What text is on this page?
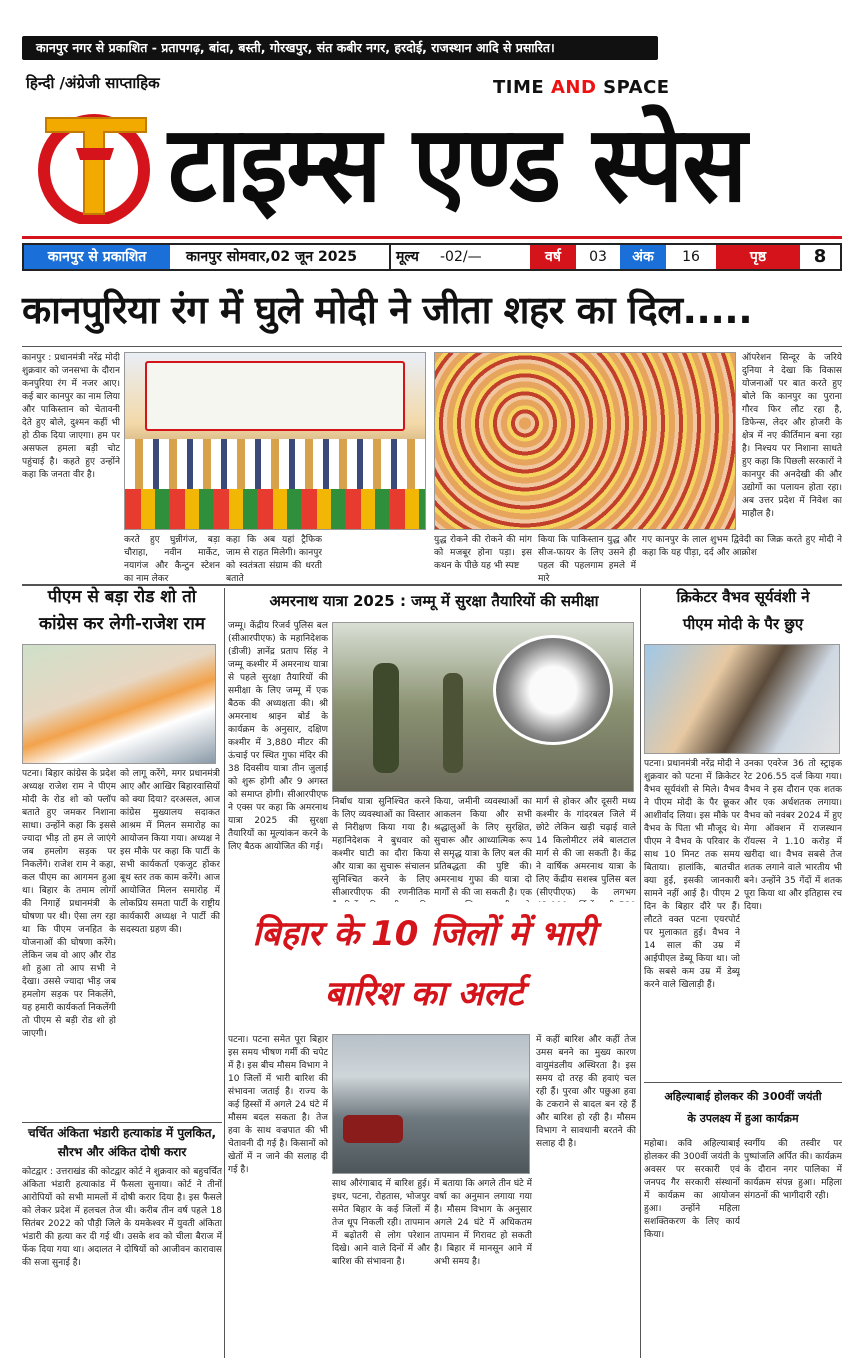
कानपुर नगर से प्रकाशित - प्रतापगढ़, बांदा, बस्ती, गोरखपुर, संत कबीर नगर, हरदोई, राजस्थान आदि से प्रसारित।
हिन्दी /अंग्रेजी साप्ताहिक	TIME AND SPACE
टाइम्स एण्ड स्पेस
कानपुर से प्रकाशित	कानपुर सोमवार,02 जून 2025	मूल्य	-02/—	वर्ष	03	अंक	16	पृष्ठ	8
कानपुरिया रंग में घुले मोदी ने जीता शहर का दिल.....
कानपुर : प्रधानमंत्री नरेंद्र मोदी शुक्रवार को जनसभा के दौरान कनपुरिया रंग में नजर आए। कई बार कानपुर का नाम लिया और पाकिस्तान को चेतावनी देते हुए बोले, दुश्मन कहीं भी हो ठीक दिया जाएगा। हम पर असफल हमला बड़ी चोट पहुंचाई है। कहते हुए उन्होंने कहा कि जनता वीर है।
करते हुए घुन्नीगंज, बड़ा चौराहा, नवीन मार्केट, नयागंज और कैन्टुन स्टेशन का नाम लेकर
कहा कि अब यहां ट्रैफिक जाम से राहत मिलेगी। कानपुर को स्वतंत्रता संग्राम की धरती बताते
युद्ध रोकने की रोकने की मांग को मजबूर होना पड़ा। इस कथन के पीछे यह भी स्पष्ट
किया कि पाकिस्तान युद्ध और सीज-फायर के लिए उसने ही पहल की पहलगाम हमले में मारे
ऑपरेशन सिन्दूर के जरिये दुनिया ने देखा कि विकास योजनाओं पर बात करते हुए बोले कि कानपुर का पुराना गौरव फिर लौट रहा है, डिफेन्स, लेदर और होजरी के क्षेत्र में नए कीर्तिमान बना रहा है। निश्चय पर निशाना साधते हुए कहा कि पिछली सरकारों ने कानपुर की अनदेखी की और उद्योगों का पलायन होता रहा। अब उत्तर प्रदेश में निवेश का माहौल है।
गए कानपुर के लाल शुभम द्विवेदी का जिक्र करते हुए मोदी ने कहा कि यह पीड़ा, दर्द और आक्रोश
पीएम से बड़ा रोड शो तो
कांग्रेस कर लेगी-राजेश राम
पटना। बिहार कांग्रेस के प्रदेश अध्यक्ष राजेश राम ने पीएम मोदी के रोड शो को फ्लॉप बताते हुए जमकर निशाना साधा। उन्होंने कहा कि इससे ज्यादा भीड़ तो हम ले जाएंगे जब हमलोग सड़क पर निकलेंगे। राजेश राम ने कहा, कल पीएम का आगमन हुआ था। बिहार के तमाम लोगों की निगाहें प्रधानमंत्री के घोषणा पर थी। ऐसा लग रहा था कि पीएम जनहित के योजनाओं की घोषणा करेंगे। लेकिन जब वो आए और रोड शो हुआ तो आप सभी ने देखा। उससे ज्यादा भीड़ जब हमलोग सड़क पर निकलेंगे, यह हमारी कार्यकर्ता निकलेंगी तो पीएम से बड़ी रोड शो हो जाएगी।
को लागू करेंगे, मगर प्रधानमंत्री आए और आखिर बिहारवासियों को क्या दिया? दरअसल, आज कांग्रेस मुख्यालय सदाकत आश्रम में मिलन समारोह का आयोजन किया गया। अध्यक्ष ने इस मौके पर कहा कि पार्टी के सभी कार्यकर्ता एकजुट होकर बूथ स्तर तक काम करेंगे। आज आयोजित मिलन समारोह में लोकप्रिय समता पार्टी के राष्ट्रीय कार्यकारी अध्यक्ष ने पार्टी की सदस्यता ग्रहण की।
चर्चित अंकिता भंडारी हत्याकांड में पुलकित,
सौरभ और अंकित दोषी करार
कोटद्वार : उत्तराखंड की कोटद्वार कोर्ट ने शुक्रवार को बहुचर्चित अंकिता भंडारी हत्याकांड में फैसला सुनाया। कोर्ट ने तीनों आरोपियों को सभी मामलों में दोषी करार दिया है। इस फैसले को लेकर प्रदेश में हलचल तेज थी। करीब तीन वर्ष पहले 18 सितंबर 2022 को पौड़ी जिले के यमकेश्वर में युवती अंकिता भंडारी की हत्या कर दी गई थी। उसके शव को चीला बैराज में फेंक दिया गया था। अदालत ने दोषियों को आजीवन कारावास की सजा सुनाई है।
अमरनाथ यात्रा 2025 : जम्मू में सुरक्षा तैयारियों की समीक्षा
जम्मू। केंद्रीय रिजर्व पुलिस बल (सीआरपीएफ) के महानिदेशक (डीजी) ज्ञानेंद्र प्रताप सिंह ने जम्मू कश्मीर में अमरनाथ यात्रा से पहले सुरक्षा तैयारियों की समीक्षा के लिए जम्मू में एक बैठक की अध्यक्षता की। श्री अमरनाथ श्राइन बोर्ड के कार्यक्रम के अनुसार, दक्षिण कश्मीर में 3,880 मीटर की ऊंचाई पर स्थित गुफा मंदिर की 38 दिवसीय यात्रा तीन जुलाई को शुरू होगी और 9 अगस्त को समाप्त होगी। सीआरपीएफ ने एक्स पर कहा कि अमरनाथ यात्रा 2025 की सुरक्षा तैयारियों का मूल्यांकन करने के लिए बैठक आयोजित की गई।
निर्बाध यात्रा सुनिश्चित करने के लिए व्यवस्थाओं का विस्तार से निरीक्षण किया गया है। महानिदेशक ने बुधवार को कश्मीर घाटी का दौरा किया और यात्रा का सुचारू संचालन सुनिश्चित करने के लिए सीआरपीएफ की रणनीतिक
किया, जमीनी व्यवस्थाओं का आकलन किया और सभी श्रद्धालुओं के लिए सुरक्षित, सुचारू और आध्यात्मिक रूप से समृद्ध यात्रा के लिए बल की प्रतिबद्धता की पुष्टि की। अमरनाथ गुफा की यात्रा दो मार्गों से की जा सकती है। एक
मार्ग से होकर और दूसरी मध्य कश्मीर के गांदरबल जिले में छोटे लेकिन खड़ी चढ़ाई वाले 14 किलोमीटर लंबे बालटाल मार्ग से की जा सकती है। केंद्र ने वार्षिक अमरनाथ यात्रा के लिए केंद्रीय सशस्त्र पुलिस बल (सीएपीएफ) के लगभग
बिहार के 10 जिलों में भारी
बारिश का अलर्ट
पटना। पटना समेत पूरा बिहार इस समय भीषण गर्मी की चपेट में है। इस बीच मौसम विभाग ने 10 जिलों में भारी बारिश की संभावना जताई है। राज्य के कई हिस्सों में अगले 24 घंटे में मौसम बदल सकता है। तेज हवा के साथ वज्रपात की भी चेतावनी दी गई है। किसानों को खेतों में न जाने की सलाह दी गई है।
साथ औरंगाबाद में बारिश हुई। इधर, पटना, रोहतास, भोजपुर समेत बिहार के कई जिलों में तेज धूप निकली रही। तापमान में बढ़ोतरी से लोग परेशान दिखे। आने वाले दिनों में और बारिश की संभावना है।
में बताया कि अगले तीन घंटे में वर्षा का अनुमान लगाया गया है। मौसम विभाग के अनुसार अगले 24 घंटे में अधिकतम तापमान में गिरावट हो सकती है। बिहार में मानसून आने में अभी समय है।
में कहीं बारिश और कहीं तेज उमस बनने का मुख्य कारण वायुमंडलीय अस्थिरता है। इस समय दो तरह की हवाएं चल रही हैं। पुरवा और पछुआ हवा के टकराने से बादल बन रहे हैं और बारिश हो रही है। मौसम विभाग ने सावधानी बरतने की सलाह दी है।
क्रिकेटर वैभव सूर्यवंशी ने
पीएम मोदी के पैर छुए
पटना। प्रधानमंत्री नरेंद्र मोदी ने शुक्रवार को पटना में क्रिकेटर वैभव सूर्यवंशी से मिले। वैभव ने पीएम मोदी के पैर छूकर आशीर्वाद लिया। इस मौके पर वैभव के पिता भी मौजूद थे। पीएम ने वैभव के परिवार के साथ 10 मिनट तक समय बिताया। हालांकि, बातचीत क्या हुई, इसकी जानकारी सामने नहीं आई है। पीएम 2 दिन के बिहार दौरे पर हैं। लौटते वक्त पटना एयरपोर्ट पर मुलाकात हुई। वैभव ने 14 साल की उम्र में आईपीएल डेब्यू किया था। जो कि सबसे कम उम्र में डेब्यू करने वाले खिलाड़ी हैं।
उनका एवरेज 36 तो स्ट्राइक रेट 206.55 दर्ज किया गया। वैभव ने इस दौरान एक शतक और एक अर्धशतक लगाया। वैभव को नवंबर 2024 में हुए मेगा ऑक्शन में राजस्थान रॉयल्स ने 1.10 करोड़ में खरीदा था। वैभव सबसे तेज शतक लगाने वाले भारतीय भी बने। उन्होंने 35 गेंदों में शतक पूरा किया था और इतिहास रच दिया।
अहिल्याबाई होलकर की 300वीं जयंती
के उपलक्ष्य में हुआ कार्यक्रम
महोबा। कवि अहिल्याबाई होलकर की 300वीं जयंती के अवसर पर सरकारी एवं जनपद गैर सरकारी संस्थानों में कार्यक्रम का आयोजन हुआ। उन्होंने महिला सशक्तिकरण के लिए कार्य किया।
स्वर्गीय की तस्वीर पर पुष्पांजलि अर्पित की। कार्यक्रम के दौरान नगर पालिका में कार्यक्रम संपन्न हुआ। महिला संगठनों की भागीदारी रही।
